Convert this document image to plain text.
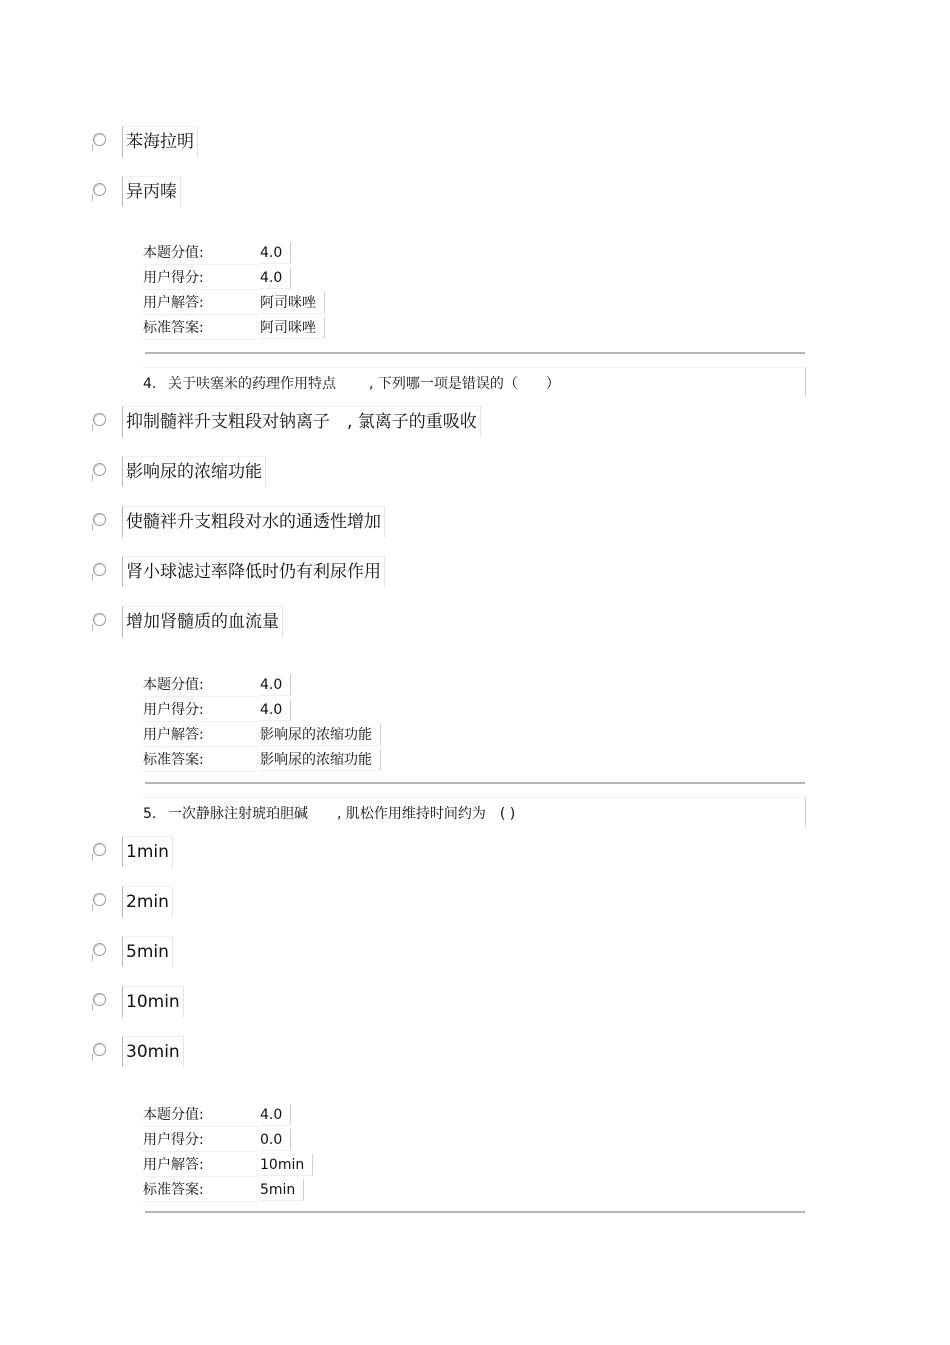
苯海拉明
异丙嗪
本题分值:	4.0
用户得分:	4.0
用户解答:	阿司咪唑
标准答案:	阿司咪唑
4. 关于呋塞米的药理作用特点 , 下列哪一项是错误的（　　）
抑制髓袢升支粗段对钠离子　, 氯离子的重吸收
影响尿的浓缩功能
使髓袢升支粗段对水的通透性增加
肾小球滤过率降低时仍有利尿作用
增加肾髓质的血流量
本题分值:	4.0
用户得分:	4.0
用户解答:	影响尿的浓缩功能
标准答案:	影响尿的浓缩功能
5. 一次静脉注射琥珀胆碱 , 肌松作用维持时间约为　( )
1min
2min
5min
10min
30min
本题分值:	4.0
用户得分:	0.0
用户解答:	10min
标准答案:	5min
